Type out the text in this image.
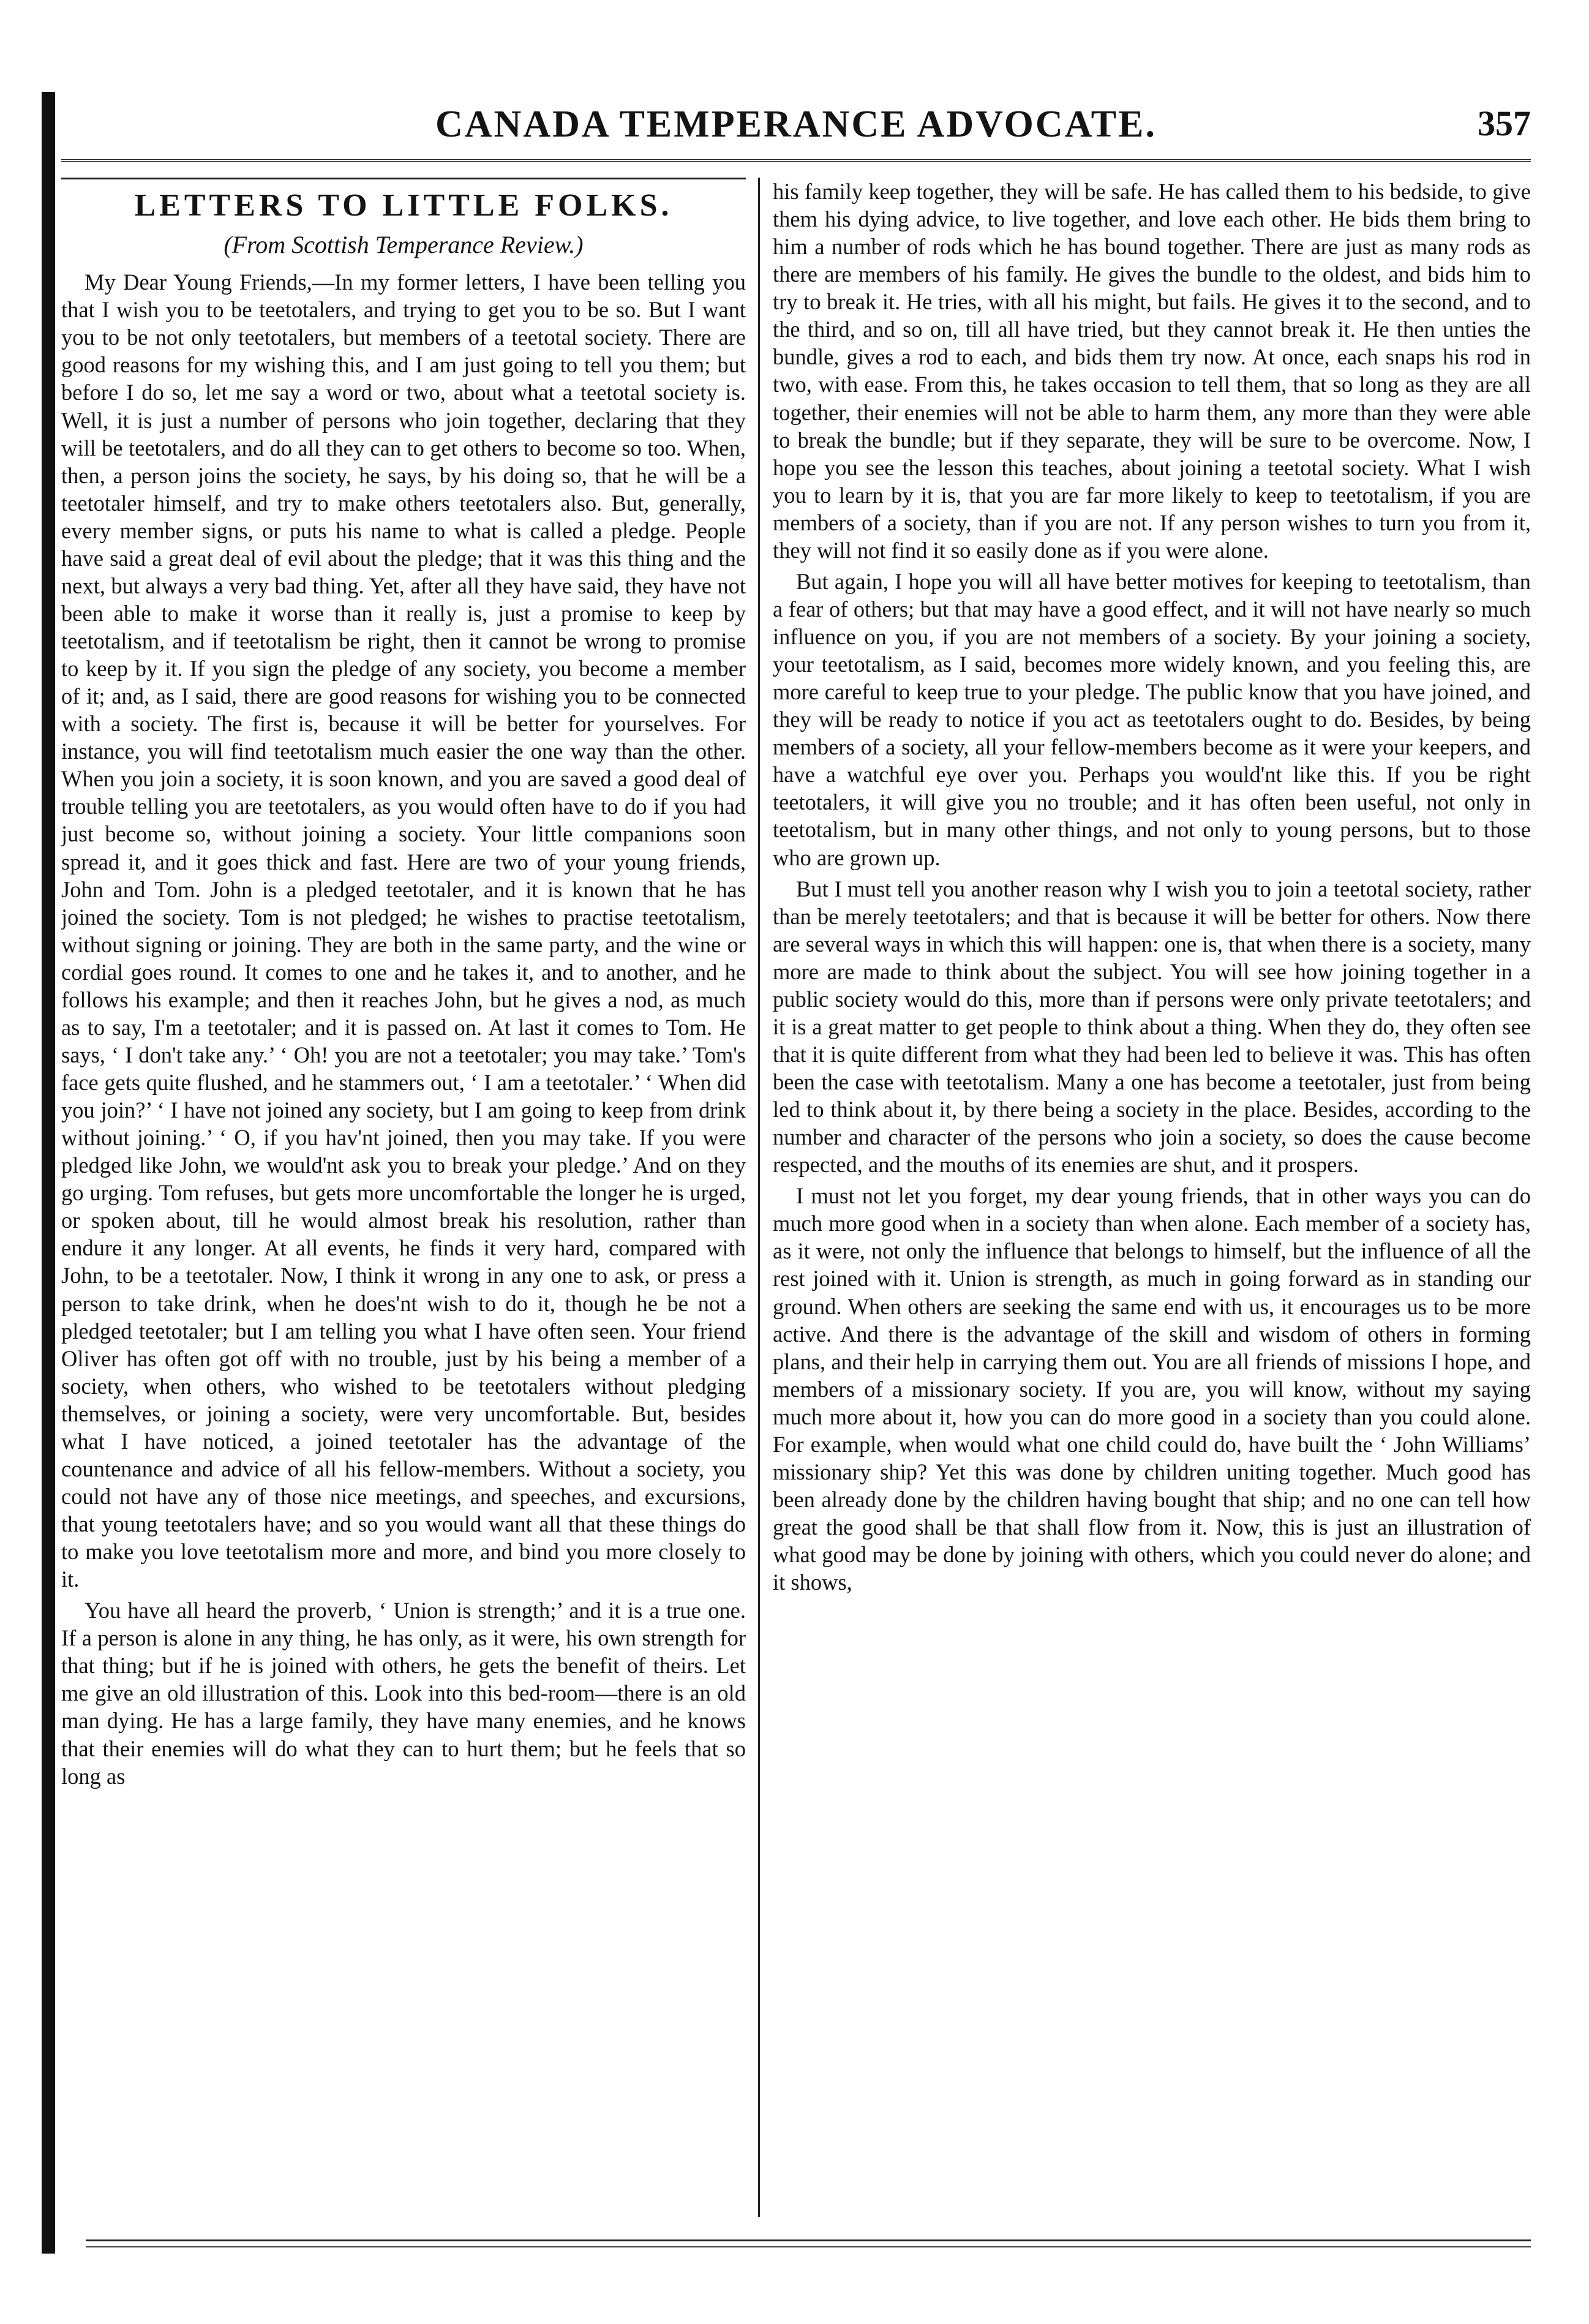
CANADA TEMPERANCE ADVOCATE.	357
LETTERS TO LITTLE FOLKS.
(From Scottish Temperance Review.)

My Dear Young Friends,—In my former letters, I have been telling you that I wish you to be teetotalers, and trying to get you to be so. But I want you to be not only teetotalers, but members of a teetotal society. There are good reasons for my wishing this, and I am just going to tell you them; but before I do so, let me say a word or two, about what a teetotal society is. Well, it is just a number of persons who join together, declaring that they will be teetotalers, and do all they can to get others to become so too. When, then, a person joins the society, he says, by his doing so, that he will be a teetotaler himself, and try to make others teetotalers also. But, generally, every member signs, or puts his name to what is called a pledge. People have said a great deal of evil about the pledge; that it was this thing and the next, but always a very bad thing. Yet, after all they have said, they have not been able to make it worse than it really is, just a promise to keep by teetotalism, and if teetotalism be right, then it cannot be wrong to promise to keep by it. If you sign the pledge of any society, you become a member of it; and, as I said, there are good reasons for wishing you to be connected with a society. The first is, because it will be better for yourselves. For instance, you will find teetotalism much easier the one way than the other. When you join a society, it is soon known, and you are saved a good deal of trouble telling you are teetotalers, as you would often have to do if you had just become so, without joining a society. Your little companions soon spread it, and it goes thick and fast. Here are two of your young friends, John and Tom. John is a pledged teetotaler, and it is known that he has joined the society. Tom is not pledged; he wishes to practise teetotalism, without signing or joining. They are both in the same party, and the wine or cordial goes round. It comes to one and he takes it, and to another, and he follows his example; and then it reaches John, but he gives a nod, as much as to say, I'm a teetotaler; and it is passed on. At last it comes to Tom. He says, ‘ I don't take any.’ ‘ Oh! you are not a teetotaler; you may take.’ Tom's face gets quite flushed, and he stammers out, ‘ I am a teetotaler.’ ‘ When did you join?’ ‘ I have not joined any society, but I am going to keep from drink without joining.’ ‘ O, if you hav'nt joined, then you may take. If you were pledged like John, we would'nt ask you to break your pledge.’ And on they go urging. Tom refuses, but gets more uncomfortable the longer he is urged, or spoken about, till he would almost break his resolution, rather than endure it any longer. At all events, he finds it very hard, compared with John, to be a teetotaler. Now, I think it wrong in any one to ask, or press a person to take drink, when he does'nt wish to do it, though he be not a pledged teetotaler; but I am telling you what I have often seen. Your friend Oliver has often got off with no trouble, just by his being a member of a society, when others, who wished to be teetotalers without pledging themselves, or joining a society, were very uncomfortable. But, besides what I have noticed, a joined teetotaler has the advantage of the countenance and advice of all his fellow-members. Without a society, you could not have any of those nice meetings, and speeches, and excursions, that young teetotalers have; and so you would want all that these things do to make you love teetotalism more and more, and bind you more closely to it.

You have all heard the proverb, ‘ Union is strength;’ and it is a true one. If a person is alone in any thing, he has only, as it were, his own strength for that thing; but if he is joined with others, he gets the benefit of theirs. Let me give an old illustration of this. Look into this bed-room—there is an old man dying. He has a large family, they have many enemies, and he knows that their enemies will do what they can to hurt them; but he feels that so long as

his family keep together, they will be safe. He has called them to his bedside, to give them his dying advice, to live together, and love each other. He bids them bring to him a number of rods which he has bound together. There are just as many rods as there are members of his family. He gives the bundle to the oldest, and bids him to try to break it. He tries, with all his might, but fails. He gives it to the second, and to the third, and so on, till all have tried, but they cannot break it. He then unties the bundle, gives a rod to each, and bids them try now. At once, each snaps his rod in two, with ease. From this, he takes occasion to tell them, that so long as they are all together, their enemies will not be able to harm them, any more than they were able to break the bundle; but if they separate, they will be sure to be overcome. Now, I hope you see the lesson this teaches, about joining a teetotal society. What I wish you to learn by it is, that you are far more likely to keep to teetotalism, if you are members of a society, than if you are not. If any person wishes to turn you from it, they will not find it so easily done as if you were alone.

But again, I hope you will all have better motives for keeping to teetotalism, than a fear of others; but that may have a good effect, and it will not have nearly so much influence on you, if you are not members of a society. By your joining a society, your teetotalism, as I said, becomes more widely known, and you feeling this, are more careful to keep true to your pledge. The public know that you have joined, and they will be ready to notice if you act as teetotalers ought to do. Besides, by being members of a society, all your fellow-members become as it were your keepers, and have a watchful eye over you. Perhaps you would'nt like this. If you be right teetotalers, it will give you no trouble; and it has often been useful, not only in teetotalism, but in many other things, and not only to young persons, but to those who are grown up.

But I must tell you another reason why I wish you to join a teetotal society, rather than be merely teetotalers; and that is because it will be better for others. Now there are several ways in which this will happen: one is, that when there is a society, many more are made to think about the subject. You will see how joining together in a public society would do this, more than if persons were only private teetotalers; and it is a great matter to get people to think about a thing. When they do, they often see that it is quite different from what they had been led to believe it was. This has often been the case with teetotalism. Many a one has become a teetotaler, just from being led to think about it, by there being a society in the place. Besides, according to the number and character of the persons who join a society, so does the cause become respected, and the mouths of its enemies are shut, and it prospers.

I must not let you forget, my dear young friends, that in other ways you can do much more good when in a society than when alone. Each member of a society has, as it were, not only the influence that belongs to himself, but the influence of all the rest joined with it. Union is strength, as much in going forward as in standing our ground. When others are seeking the same end with us, it encourages us to be more active. And there is the advantage of the skill and wisdom of others in forming plans, and their help in carrying them out. You are all friends of missions I hope, and members of a missionary society. If you are, you will know, without my saying much more about it, how you can do more good in a society than you could alone. For example, when would what one child could do, have built the ‘ John Williams’ missionary ship? Yet this was done by children uniting together. Much good has been already done by the children having bought that ship; and no one can tell how great the good shall be that shall flow from it. Now, this is just an illustration of what good may be done by joining with others, which you could never do alone; and it shows,
